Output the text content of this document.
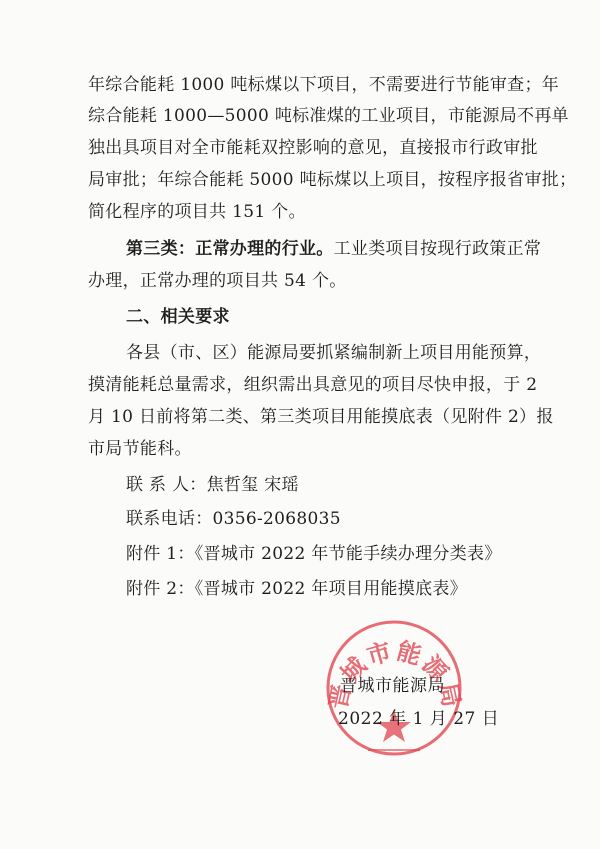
年综合能耗 1000 吨标煤以下项目，不需要进行节能审查；年
综合能耗 1000—5000 吨标准煤的工业项目，市能源局不再单
独出具项目对全市能耗双控影响的意见，直接报市行政审批
局审批；年综合能耗 5000 吨标煤以上项目，按程序报省审批；
简化程序的项目共 151 个。
第三类：正常办理的行业。工业类项目按现行政策正常
办理，正常办理的项目共 54 个。
二、相关要求
各县（市、区）能源局要抓紧编制新上项目用能预算，
摸清能耗总量需求，组织需出具意见的项目尽快申报，于 2
月 10 日前将第二类、第三类项目用能摸底表（见附件 2）报
市局节能科。
联 系 人：焦哲玺 宋瑶
联系电话：0356-2068035
附件 1：《晋城市 2022 年节能手续办理分类表》
附件 2：《晋城市 2022 年项目用能摸底表》
晋城市能源局
晋城市能源局
2022 年 1 月 27 日
